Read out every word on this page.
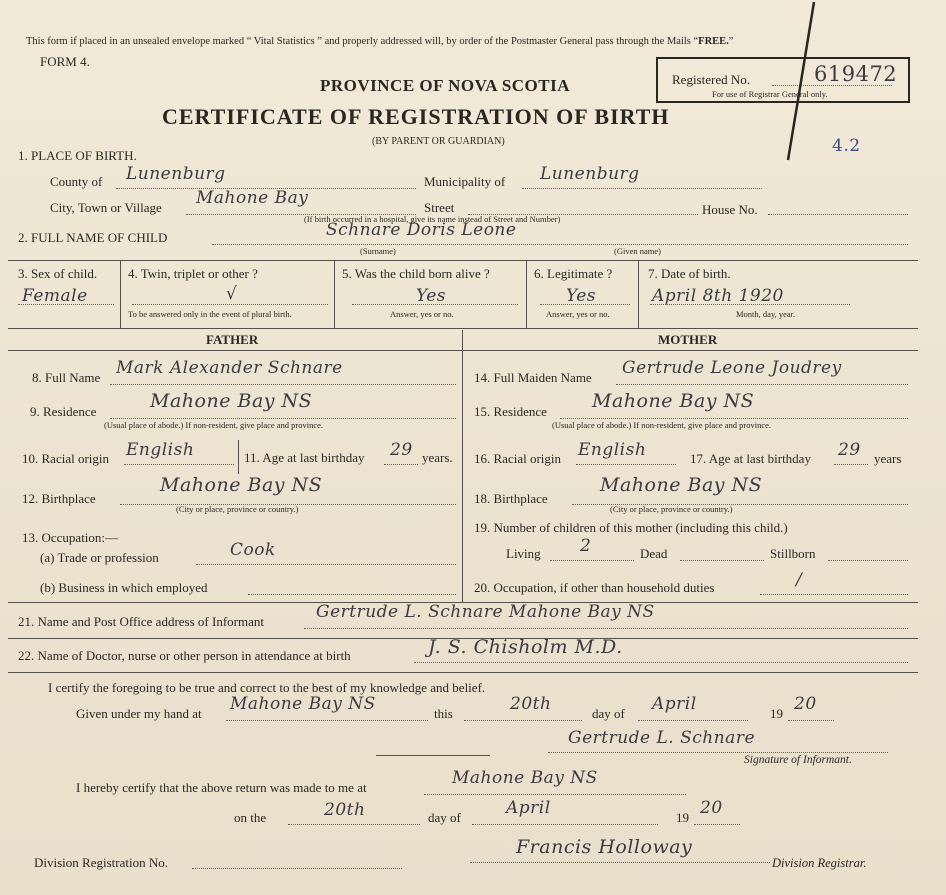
This form if placed in an unsealed envelope marked “ Vital Statistics ” and properly addressed will, by order of the Postmaster General pass through the Mails “FREE.”
FORM 4.
PROVINCE OF NOVA SCOTIA
CERTIFICATE OF REGISTRATION OF BIRTH
(BY PARENT OR GUARDIAN)
Registered No.	619472
For use of Registrar General only.
4.2
1. PLACE OF BIRTH.
County of Lunenburg	Municipality of Lunenburg
City, Town or Village Mahone Bay	Street	House No.
(If birth occurred in a hospital, give its name instead of Street and Number)
2. FULL NAME OF CHILD	Schnare Doris Leone
(Surname)	(Given name)
3. Sex of child.
Female
4. Twin, triplet or other ?
√
To be answered only in the event of plural birth.
5. Was the child born alive ?
Yes
Answer, yes or no.
6. Legitimate ?
Yes
Answer, yes or no.
7. Date of birth.
April 8th 1920
Month, day, year.
FATHER	MOTHER
8. Full Name Mark Alexander Schnare
9. Residence	Mahone Bay NS
(Usual place of abode.) If non-resident, give place and province.
10. Racial origin English	11. Age at last birthday 29 years.
12. Birthplace
Mahone Bay NS
(City or place, province or country.)
13. Occupation:—
(a) Trade or profession	Cook
(b) Business in which employed
14. Full Maiden Name Gertrude Leone Joudrey
15. Residence Mahone Bay NS
(Usual place of abode.) If non-resident, give place and province.
16. Racial origin English	17. Age at last birthday 29 years
18. Birthplace
Mahone Bay NS
(City or place, province or country.)
19. Number of children of this mother (including this child.)
Living 2	Dead	Stillborn
20. Occupation, if other than household duties	/
21. Name and Post Office address of Informant	Gertrude L. Schnare Mahone Bay NS
22. Name of Doctor, nurse or other person in attendance at birth	J. S. Chisholm M.D.
I certify the foregoing to be true and correct to the best of my knowledge and belief.
Given under my hand at Mahone Bay NS	this	20th	day of April	19 20
Gertrude L. Schnare
Signature of Informant.
I hereby certify that the above return was made to me at	Mahone Bay NS
on the	20th	day of	April	19 20
Francis Holloway
Division Registration No.	Division Registrar.
